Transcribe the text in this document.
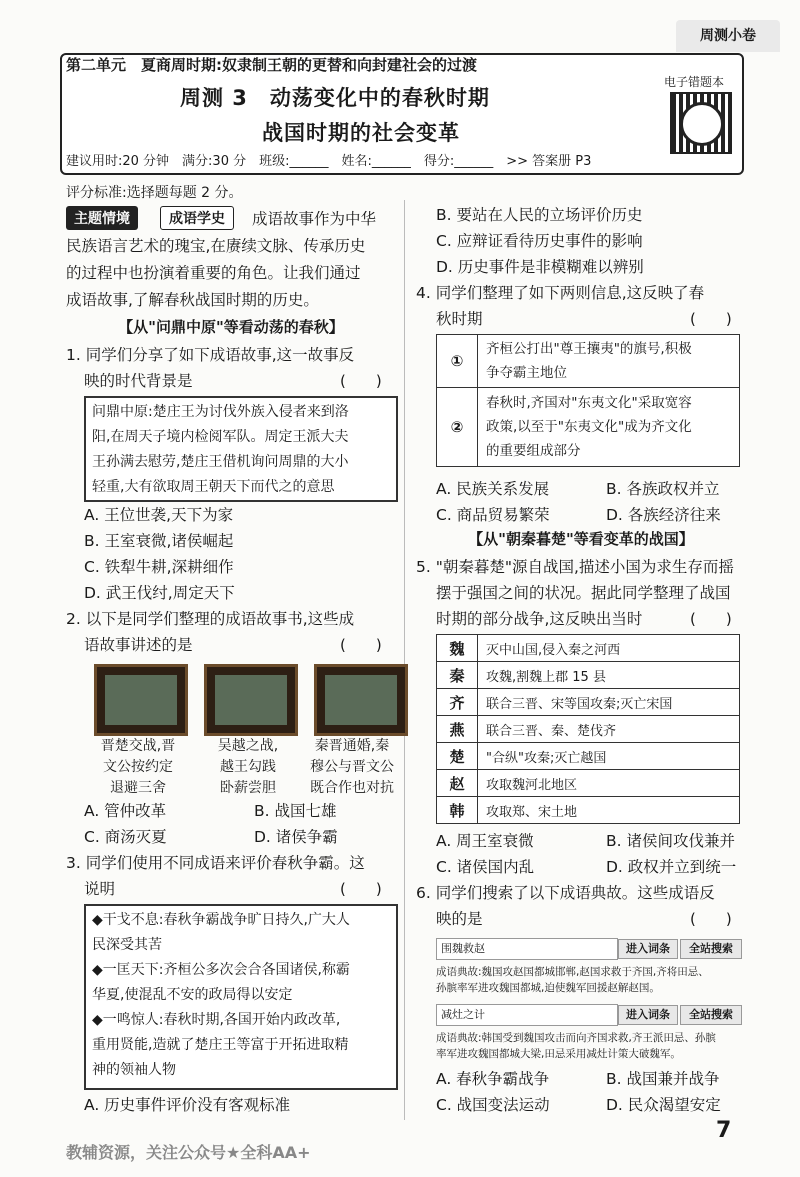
周测小卷
第二单元　夏商周时期:奴隶制王朝的更替和向封建社会的过渡
周测 3　动荡变化中的春秋时期
战国时期的社会变革
建议用时:20 分钟　满分:30 分　班级:______　姓名:______　得分:______　>> 答案册 P3
电子错题本
评分标准:选择题每题 2 分。
主题情境	成语学史	成语故事作为中华
民族语言艺术的瑰宝,在赓续文脉、传承历史
的过程中也扮演着重要的角色。让我们通过
成语故事,了解春秋战国时期的历史。
【从"问鼎中原"等看动荡的春秋】
1. 同学们分享了如下成语故事,这一故事反
映的时代背景是	(　　)
问鼎中原:楚庄王为讨伐外族入侵者来到洛
阳,在周天子境内检阅军队。周定王派大夫
王孙满去慰劳,楚庄王借机询问周鼎的大小
轻重,大有欲取周王朝天下而代之的意思
A. 王位世袭,天下为家
B. 王室衰微,诸侯崛起
C. 铁犁牛耕,深耕细作
D. 武王伐纣,周定天下
2. 以下是同学们整理的成语故事书,这些成
语故事讲述的是	(　　)
晋楚交战,晋
文公按约定
退避三舍
吴越之战,
越王勾践
卧薪尝胆
秦晋通婚,秦
穆公与晋文公
既合作也对抗
A. 管仲改革	B. 战国七雄
C. 商汤灭夏	D. 诸侯争霸
3. 同学们使用不同成语来评价春秋争霸。这
说明	(　　)
◆干戈不息:春秋争霸战争旷日持久,广大人
民深受其苦
◆一匡天下:齐桓公多次会合各国诸侯,称霸
华夏,使混乱不安的政局得以安定
◆一鸣惊人:春秋时期,各国开始内政改革,
重用贤能,造就了楚庄王等富于开拓进取精
神的领袖人物
A. 历史事件评价没有客观标准
B. 要站在人民的立场评价历史
C. 应辩证看待历史事件的影响
D. 历史事件是非模糊难以辨别
4. 同学们整理了如下两则信息,这反映了春
秋时期	(　　)
①	齐桓公打出"尊王攘夷"的旗号,积极
争夺霸主地位

②	春秋时,齐国对"东夷文化"采取宽容
政策,以至于"东夷文化"成为齐文化
的重要组成部分
A. 民族关系发展	B. 各族政权并立
C. 商品贸易繁荣	D. 各族经济往来
【从"朝秦暮楚"等看变革的战国】
5. "朝秦暮楚"源自战国,描述小国为求生存而摇
摆于强国之间的状况。据此同学整理了战国
时期的部分战争,这反映出当时	(　　)
魏	灭中山国,侵入秦之河西
秦	攻魏,割魏上郡 15 县
齐	联合三晋、宋等国攻秦;灭亡宋国
燕	联合三晋、秦、楚伐齐
楚	"合纵"攻秦;灭亡越国
赵	攻取魏河北地区
韩	攻取郑、宋土地
A. 周王室衰微	B. 诸侯间攻伐兼并
C. 诸侯国内乱	D. 政权并立到统一
6. 同学们搜索了以下成语典故。这些成语反
映的是	(　　)
围魏救赵	进入词条	全站搜索
成语典故:魏国攻赵国都城邯郸,赵国求救于齐国,齐将田忌、
孙膑率军进攻魏国都城,迫使魏军回援赵解赵国。
减灶之计	进入词条	全站搜索
成语典故:韩国受到魏国攻击而向齐国求救,齐王派田忌、孙膑
率军进攻魏国都城大梁,田忌采用减灶计策大破魏军。
A. 春秋争霸战争	B. 战国兼并战争
C. 战国变法运动	D. 民众渴望安定
教辅资源，关注公众号★全科AA+
7
